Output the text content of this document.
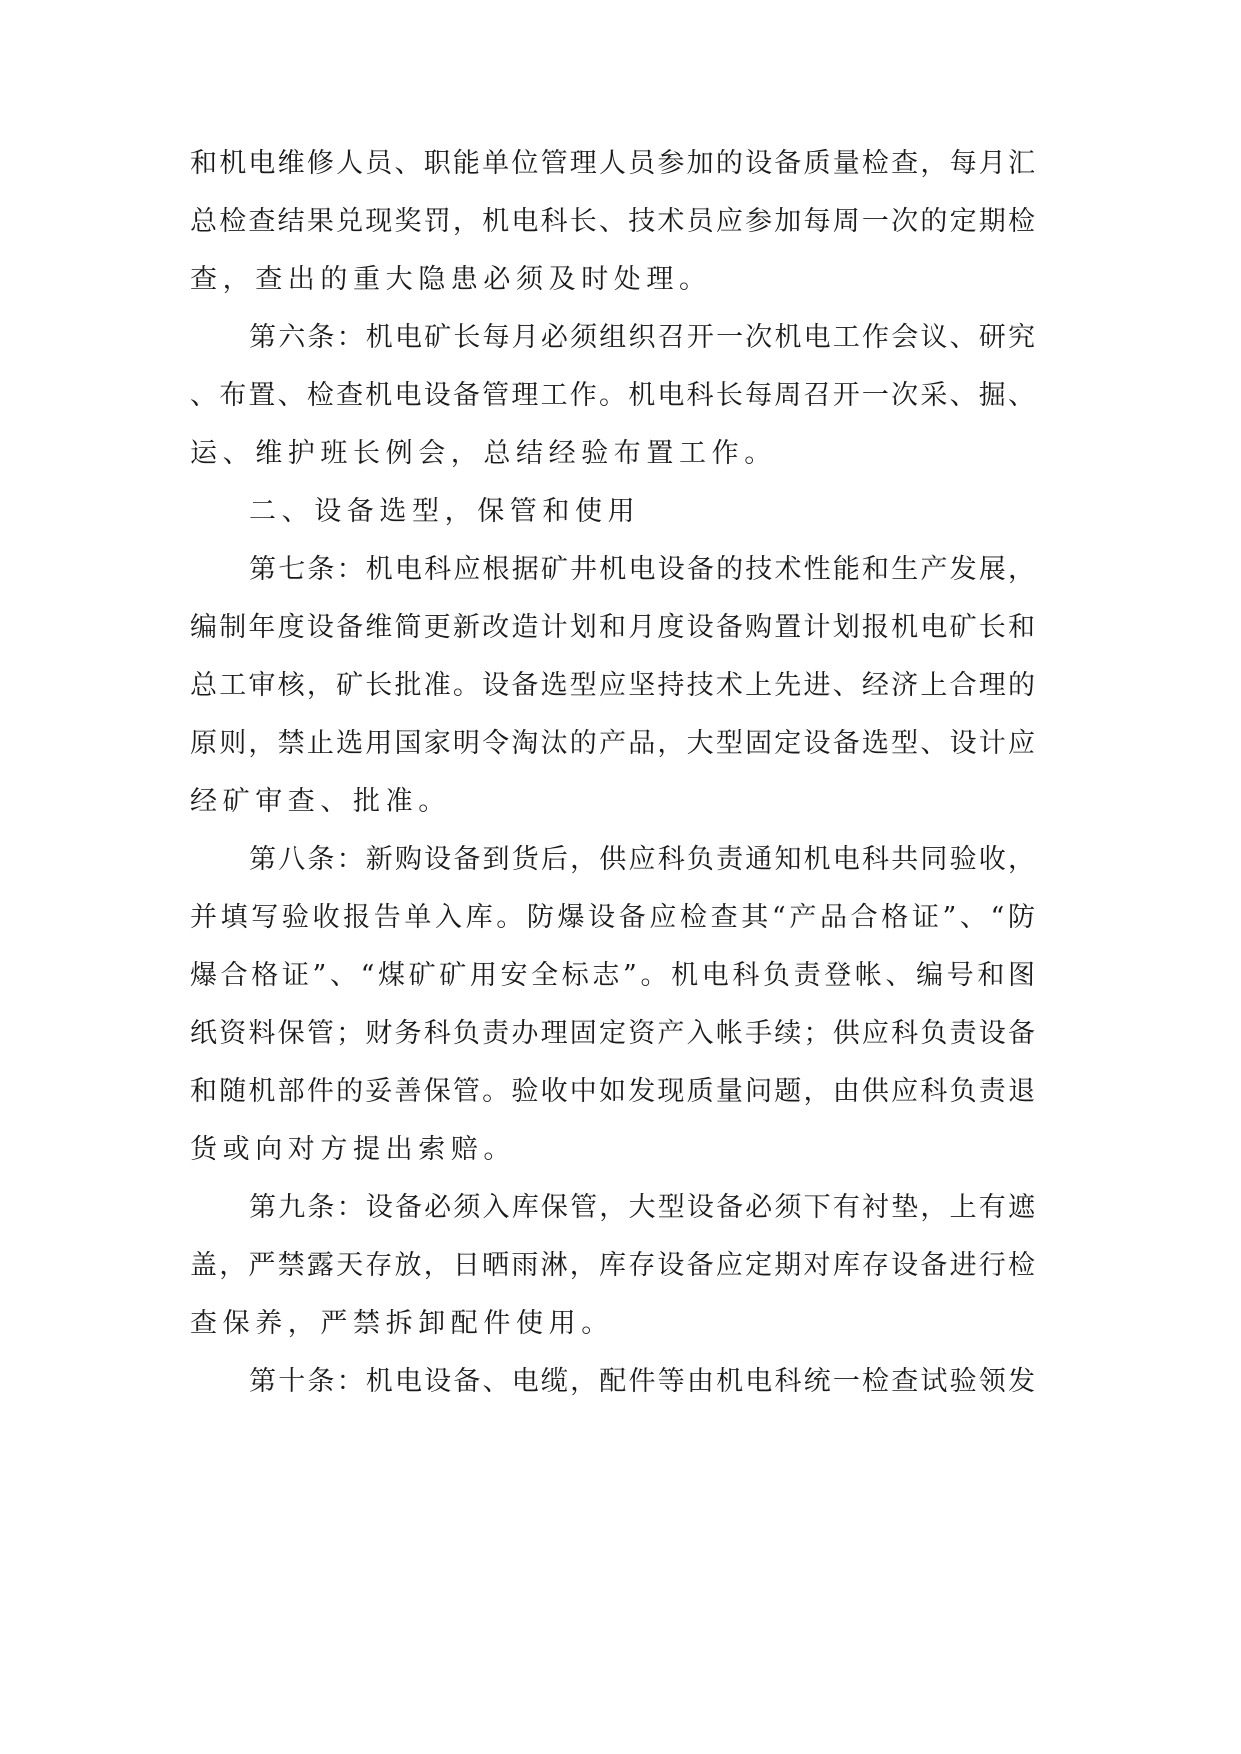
和机电维修人员、职能单位管理人员参加的设备质量检查，每月汇
总检查结果兑现奖罚，机电科长、技术员应参加每周一次的定期检
查，查出的重大隐患必须及时处理。
第六条：机电矿长每月必须组织召开一次机电工作会议、研究
、布置、检查机电设备管理工作。机电科长每周召开一次采、掘、
运、维护班长例会，总结经验布置工作。
二、设备选型，保管和使用
第七条：机电科应根据矿井机电设备的技术性能和生产发展，
编制年度设备维简更新改造计划和月度设备购置计划报机电矿长和
总工审核，矿长批准。设备选型应坚持技术上先进、经济上合理的
原则，禁止选用国家明令淘汰的产品，大型固定设备选型、设计应
经矿审查、批准。
第八条：新购设备到货后，供应科负责通知机电科共同验收，
并填写验收报告单入库。防爆设备应检查其“产品合格证”、“防
爆合格证”、“煤矿矿用安全标志”。机电科负责登帐、编号和图
纸资料保管；财务科负责办理固定资产入帐手续；供应科负责设备
和随机部件的妥善保管。验收中如发现质量问题，由供应科负责退
货或向对方提出索赔。
第九条：设备必须入库保管，大型设备必须下有衬垫，上有遮
盖，严禁露天存放，日晒雨淋，库存设备应定期对库存设备进行检
查保养，严禁拆卸配件使用。
第十条：机电设备、电缆，配件等由机电科统一检查试验领发
